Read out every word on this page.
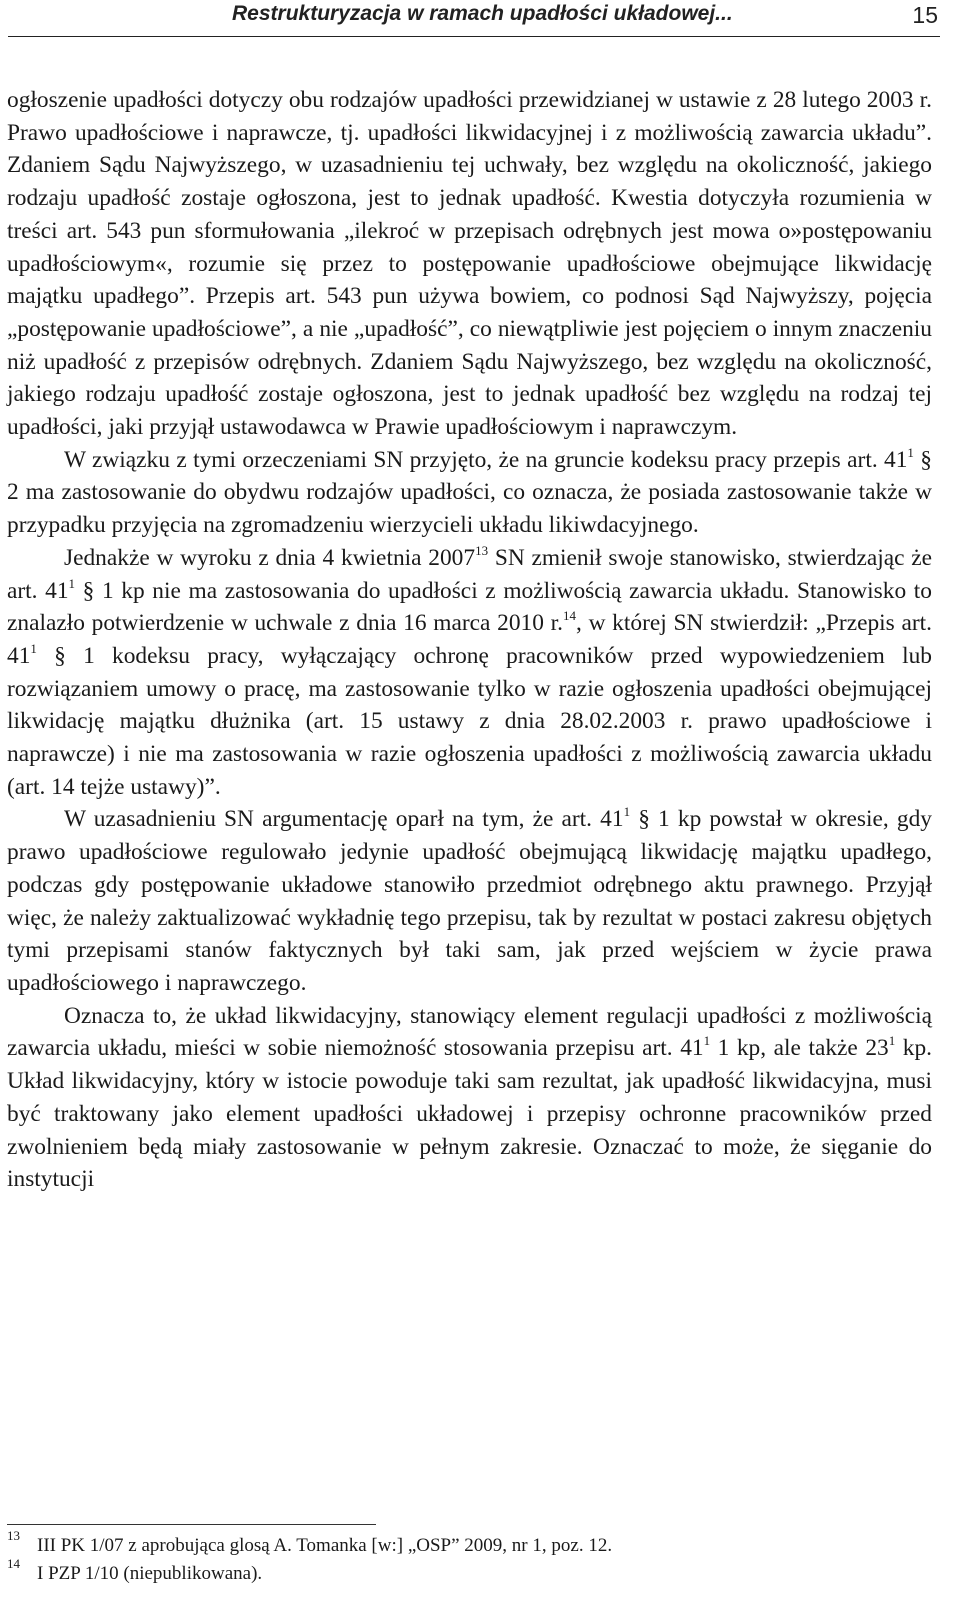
Restrukturyzacja w ramach upadłości układowej...	15

ogłoszenie upadłości dotyczy obu rodzajów upadłości przewidzianej w ustawie z 28 lutego 2003 r. Prawo upadłościowe i naprawcze, tj. upadłości likwidacyjnej i z możliwością zawarcia układu”. Zdaniem Sądu Najwyższego, w uzasadnieniu tej uchwały, bez względu na okoliczność, jakiego rodzaju upadłość zostaje ogłoszona, jest to jednak upadłość. Kwestia dotyczyła rozumienia w treści art. 543 pun sformułowania „ilekroć w przepisach odrębnych jest mowa o»postępowaniu upadłościowym«, rozumie się przez to postępowanie upadłościowe obejmujące likwidację majątku upadłego”. Przepis art. 543 pun używa bowiem, co podnosi Sąd Najwyższy, pojęcia „postępowanie upadłościowe”, a nie „upadłość”, co niewątpliwie jest pojęciem o innym znaczeniu niż upadłość z przepisów odrębnych. Zdaniem Sądu Najwyższego, bez względu na okoliczność, jakiego rodzaju upadłość zostaje ogłoszona, jest to jednak upadłość bez względu na rodzaj tej upadłości, jaki przyjął ustawodawca w Prawie upadłościowym i naprawczym.

W związku z tymi orzeczeniami SN przyjęto, że na gruncie kodeksu pracy przepis art. $41^1$ § 2 ma zastosowanie do obydwu rodzajów upadłości, co oznacza, że posiada zastosowanie także w przypadku przyjęcia na zgromadzeniu wierzycieli układu likiwdacyjnego.

Jednakże w wyroku z dnia 4 kwietnia 2007$^{13}$ SN zmienił swoje stanowisko, stwierdzając że art. $41^1$ § 1 kp nie ma zastosowania do upadłości z możliwością zawarcia układu. Stanowisko to znalazło potwierdzenie w uchwale z dnia 16 marca 2010 r.$^{14}$, w której SN stwierdził: „Przepis art. $41^1$ § 1 kodeksu pracy, wyłączający ochronę pracowników przed wypowiedzeniem lub rozwiązaniem umowy o pracę, ma zastosowanie tylko w razie ogłoszenia upadłości obejmującej likwidację majątku dłużnika (art. 15 ustawy z dnia 28.02.2003 r. prawo upadłościowe i naprawcze) i nie ma zastosowania w razie ogłoszenia upadłości z możliwością zawarcia układu (art. 14 tejże ustawy)”.

W uzasadnieniu SN argumentację oparł na tym, że art. $41^1$ § 1 kp powstał w okresie, gdy prawo upadłościowe regulowało jedynie upadłość obejmującą likwidację majątku upadłego, podczas gdy postępowanie układowe stanowiło przedmiot odrębnego aktu prawnego. Przyjął więc, że należy zaktualizować wykładnię tego przepisu, tak by rezultat w postaci zakresu objętych tymi przepisami stanów faktycznych był taki sam, jak przed wejściem w życie prawa upadłościowego i naprawczego.

Oznacza to, że układ likwidacyjny, stanowiący element regulacji upadłości z możliwością zawarcia układu, mieści w sobie niemożność stosowania przepisu art. $41^1$ 1 kp, ale także $23^1$ kp. Układ likwidacyjny, który w istocie powoduje taki sam rezultat, jak upadłość likwidacyjna, musi być traktowany jako element upadłości układowej i przepisy ochronne pracowników przed zwolnieniem będą miały zastosowanie w pełnym zakresie. Oznaczać to może, że sięganie do instytucji

13 III PK 1/07 z aprobująca glosą A. Tomanka [w:] „OSP” 2009, nr 1, poz. 12.
14 I PZP 1/10 (niepublikowana).
